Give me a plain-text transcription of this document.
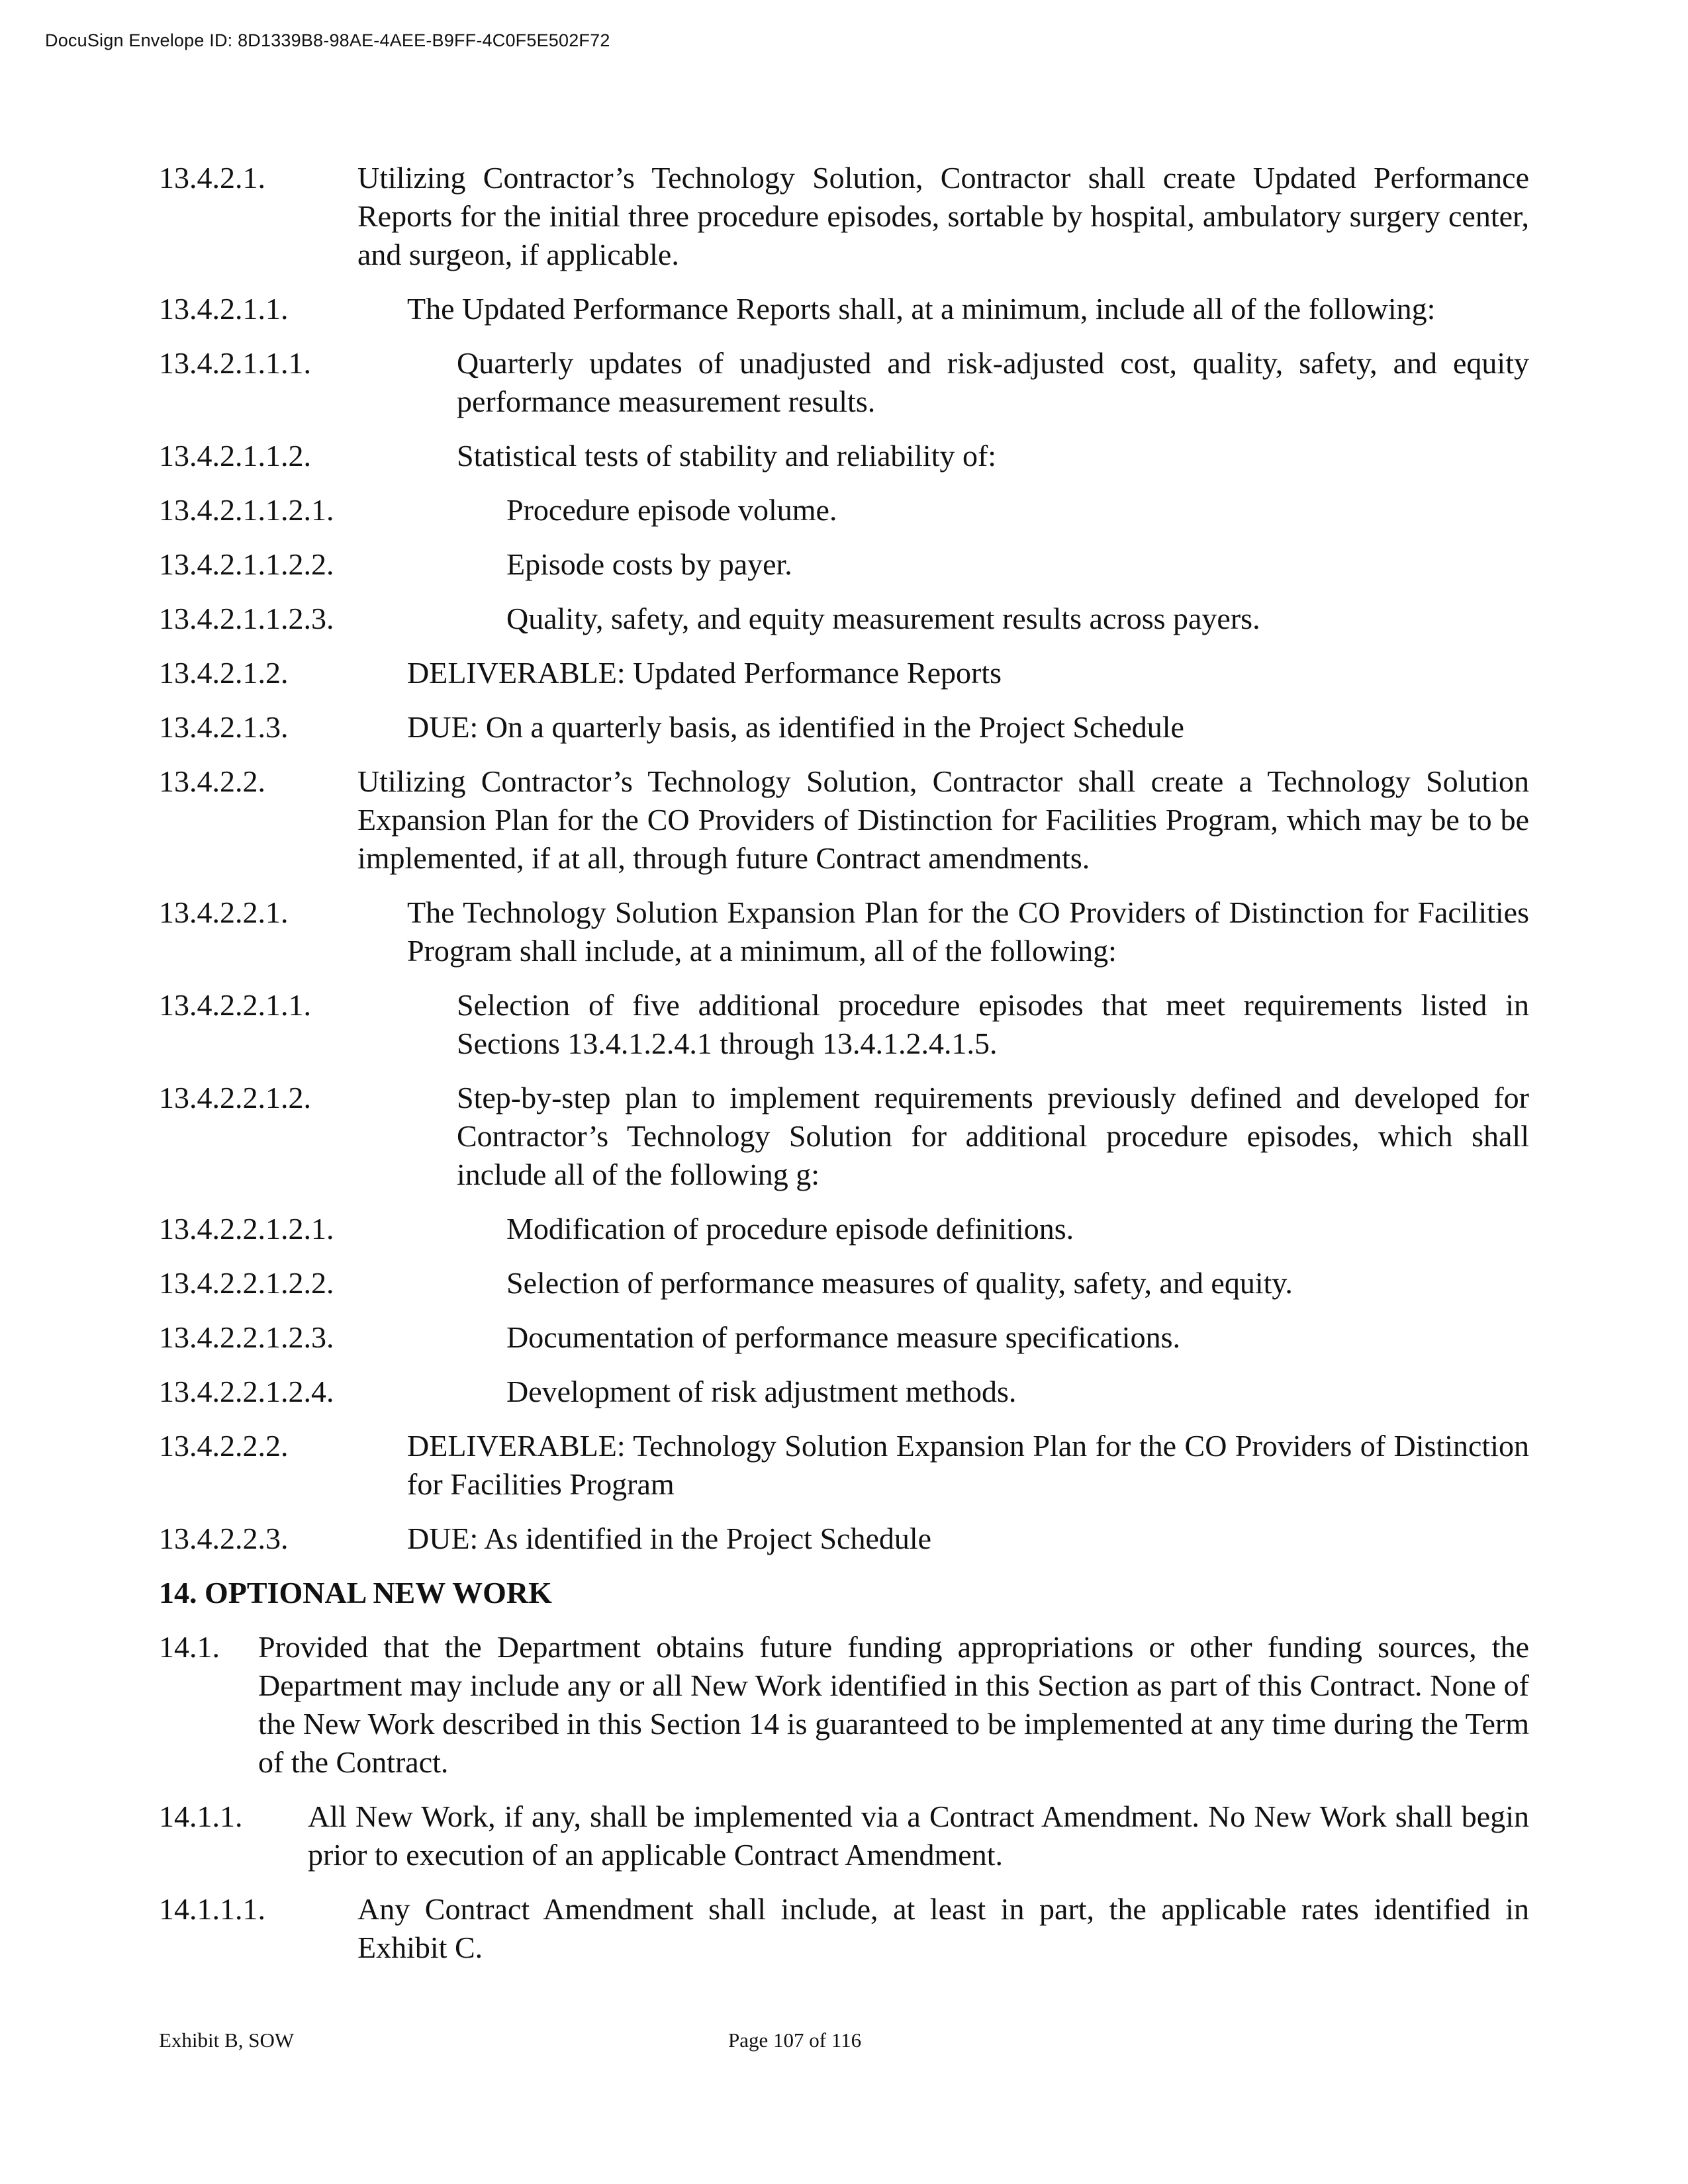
DocuSign Envelope ID: 8D1339B8-98AE-4AEE-B9FF-4C0F5E502F72
13.4.2.1.	Utilizing Contractor’s Technology Solution, Contractor shall create Updated Performance Reports for the initial three procedure episodes, sortable by hospital, ambulatory surgery center, and surgeon, if applicable.
13.4.2.1.1.	The Updated Performance Reports shall, at a minimum, include all of the following:
13.4.2.1.1.1.	Quarterly updates of unadjusted and risk-adjusted cost, quality, safety, and equity performance measurement results.
13.4.2.1.1.2.	Statistical tests of stability and reliability of:
13.4.2.1.1.2.1.	Procedure episode volume.
13.4.2.1.1.2.2.	Episode costs by payer.
13.4.2.1.1.2.3.	Quality, safety, and equity measurement results across payers.
13.4.2.1.2.	DELIVERABLE: Updated Performance Reports
13.4.2.1.3.	DUE: On a quarterly basis, as identified in the Project Schedule
13.4.2.2.	Utilizing Contractor’s Technology Solution, Contractor shall create a Technology Solution Expansion Plan for the CO Providers of Distinction for Facilities Program, which may be to be implemented, if at all, through future Contract amendments.
13.4.2.2.1.	The Technology Solution Expansion Plan for the CO Providers of Distinction for Facilities Program shall include, at a minimum, all of the following:
13.4.2.2.1.1.	Selection of five additional procedure episodes that meet requirements listed in Sections 13.4.1.2.4.1 through 13.4.1.2.4.1.5.
13.4.2.2.1.2.	Step-by-step plan to implement requirements previously defined and developed for Contractor’s Technology Solution for additional procedure episodes, which shall include all of the following g:
13.4.2.2.1.2.1.	Modification of procedure episode definitions.
13.4.2.2.1.2.2.	Selection of performance measures of quality, safety, and equity.
13.4.2.2.1.2.3.	Documentation of performance measure specifications.
13.4.2.2.1.2.4.	Development of risk adjustment methods.
13.4.2.2.2.	DELIVERABLE: Technology Solution Expansion Plan for the CO Providers of Distinction for Facilities Program
13.4.2.2.3.	DUE: As identified in the Project Schedule
14. OPTIONAL NEW WORK
14.1. Provided that the Department obtains future funding appropriations or other funding sources, the Department may include any or all New Work identified in this Section as part of this Contract. None of the New Work described in this Section 14 is guaranteed to be implemented at any time during the Term of the Contract.
14.1.1. All New Work, if any, shall be implemented via a Contract Amendment. No New Work shall begin prior to execution of an applicable Contract Amendment.
14.1.1.1.	Any Contract Amendment shall include, at least in part, the applicable rates identified in Exhibit C.
Exhibit B, SOW	Page 107 of 116
